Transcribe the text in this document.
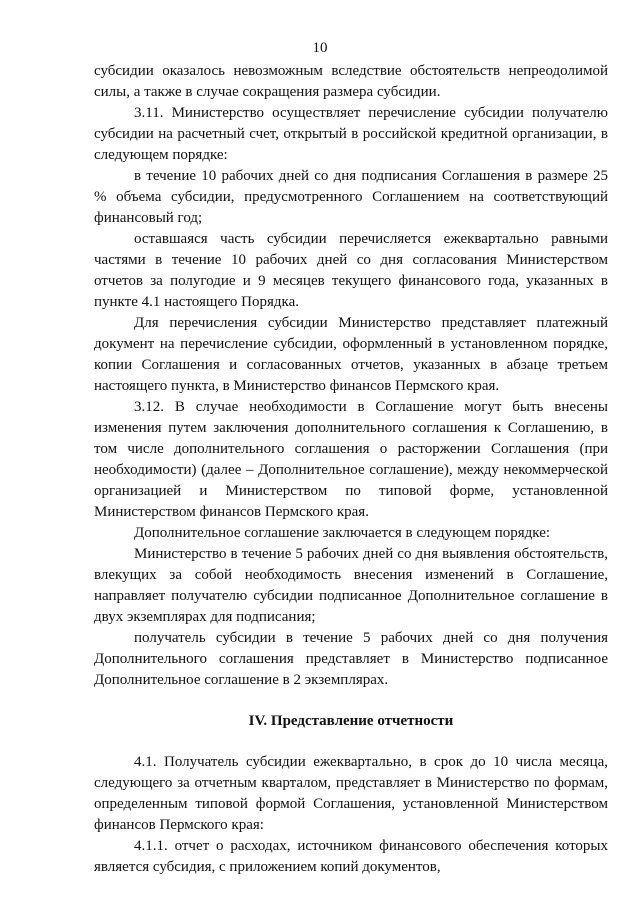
10

субсидии оказалось невозможным вследствие обстоятельств непреодолимой силы, а также в случае сокращения размера субсидии.

3.11. Министерство осуществляет перечисление субсидии получателю субсидии на расчетный счет, открытый в российской кредитной организации, в следующем порядке:

в течение 10 рабочих дней со дня подписания Соглашения в размере 25 % объема субсидии, предусмотренного Соглашением на соответствующий финансовый год;

оставшаяся часть субсидии перечисляется ежеквартально равными частями в течение 10 рабочих дней со дня согласования Министерством отчетов за полугодие и 9 месяцев текущего финансового года, указанных в пункте 4.1 настоящего Порядка.

Для перечисления субсидии Министерство представляет платежный документ на перечисление субсидии, оформленный в установленном порядке, копии Соглашения и согласованных отчетов, указанных в абзаце третьем настоящего пункта, в Министерство финансов Пермского края.

3.12. В случае необходимости в Соглашение могут быть внесены изменения путем заключения дополнительного соглашения к Соглашению, в том числе дополнительного соглашения о расторжении Соглашения (при необходимости) (далее – Дополнительное соглашение), между некоммерческой организацией и Министерством по типовой форме, установленной Министерством финансов Пермского края.

Дополнительное соглашение заключается в следующем порядке:

Министерство в течение 5 рабочих дней со дня выявления обстоятельств, влекущих за собой необходимость внесения изменений в Соглашение, направляет получателю субсидии подписанное Дополнительное соглашение в двух экземплярах для подписания;

получатель субсидии в течение 5 рабочих дней со дня получения Дополнительного соглашения представляет в Министерство подписанное Дополнительное соглашение в 2 экземплярах.

IV. Представление отчетности

4.1. Получатель субсидии ежеквартально, в срок до 10 числа месяца, следующего за отчетным кварталом, представляет в Министерство по формам, определенным типовой формой Соглашения, установленной Министерством финансов Пермского края:

4.1.1. отчет о расходах, источником финансового обеспечения которых является субсидия, с приложением копий документов,
